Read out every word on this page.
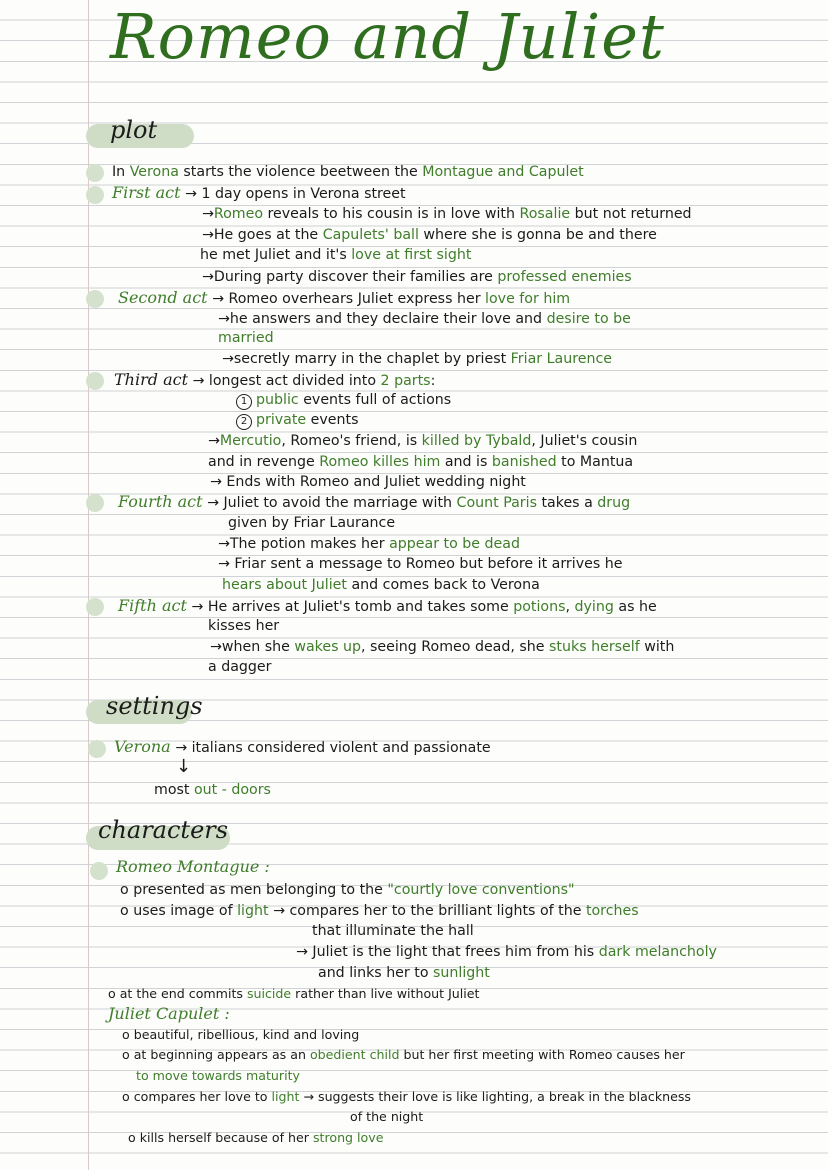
Romeo and Juliet
plot
In Verona starts the violence beetween the Montague and Capulet
First act → 1 day opens in Verona street
→Romeo reveals to his cousin is in love with Rosalie but not returned
→He goes at the Capulets' ball where she is gonna be and there
he met Juliet and it's love at first sight
→During party discover their families are professed enemies
Second act → Romeo overhears Juliet express her love for him
→he answers and they declaire their love and desire to be
married
→secretly marry in the chaplet by priest Friar Laurence
Third act → longest act divided into 2 parts:
1 public events full of actions
2 private events
→Mercutio, Romeo's friend, is killed by Tybald, Juliet's cousin
and in revenge Romeo killes him and is banished to Mantua
→ Ends with Romeo and Juliet wedding night
Fourth act → Juliet to avoid the marriage with Count Paris takes a drug
given by Friar Laurance
→The potion makes her appear to be dead
→ Friar sent a message to Romeo but before it arrives he
hears about Juliet and comes back to Verona
Fifth act → He arrives at Juliet's tomb and takes some potions, dying as he
kisses her
→when she wakes up, seeing Romeo dead, she stuks herself with
a dagger
settings
Verona → italians considered violent and passionate
↓
most out - doors
characters
Romeo Montague :
o presented as men belonging to the "courtly love conventions"
o uses image of light → compares her to the brilliant lights of the torches
that illuminate the hall
→ Juliet is the light that frees him from his dark melancholy
and links her to sunlight
o at the end commits suicide rather than live without Juliet
Juliet Capulet :
o beautiful, ribellious, kind and loving
o at beginning appears as an obedient child but her first meeting with Romeo causes her
to move towards maturity
o compares her love to light → suggests their love is like lighting, a break in the blackness
of the night
o kills herself because of her strong love
